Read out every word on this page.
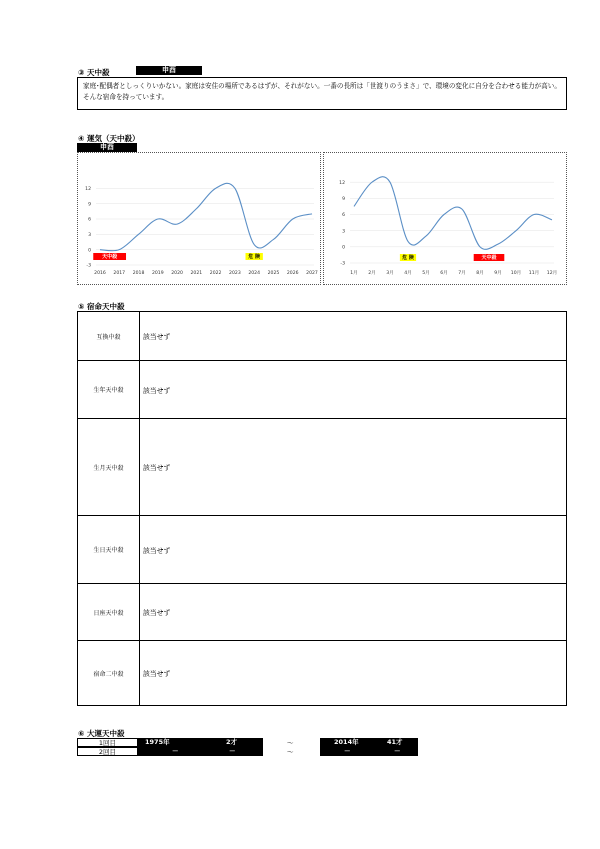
③ 天中殺	申酉
家庭･配偶者としっくりいかない。家庭は安住の場所であるはずが、それがない。一番の長所は「世渡りのうまさ」で、環境の変化に自分を合わせる能力が高い。そんな宿命を持っています。
④ 運気（天中殺）
申酉
-3
0
3
6
9
12
2016 2017 2018 2019 2020 2021 2022 2023 2024 2025 2026 2027
天中殺	危 険
-3
0
3
6
9
12
1月 2月 3月 4月 5月 6月 7月 8月 9月 10月 11月 12月
危 険	天中殺
⑤ 宿命天中殺
互換中殺	該当せず
生年天中殺	該当せず
生月天中殺	該当せず
生日天中殺	該当せず
日座天中殺	該当せず
宿命二中殺	該当せず
⑥ 大運天中殺
1回目	1975年	2才	～	2014年	41才
2回目	－	－	～	－	－
